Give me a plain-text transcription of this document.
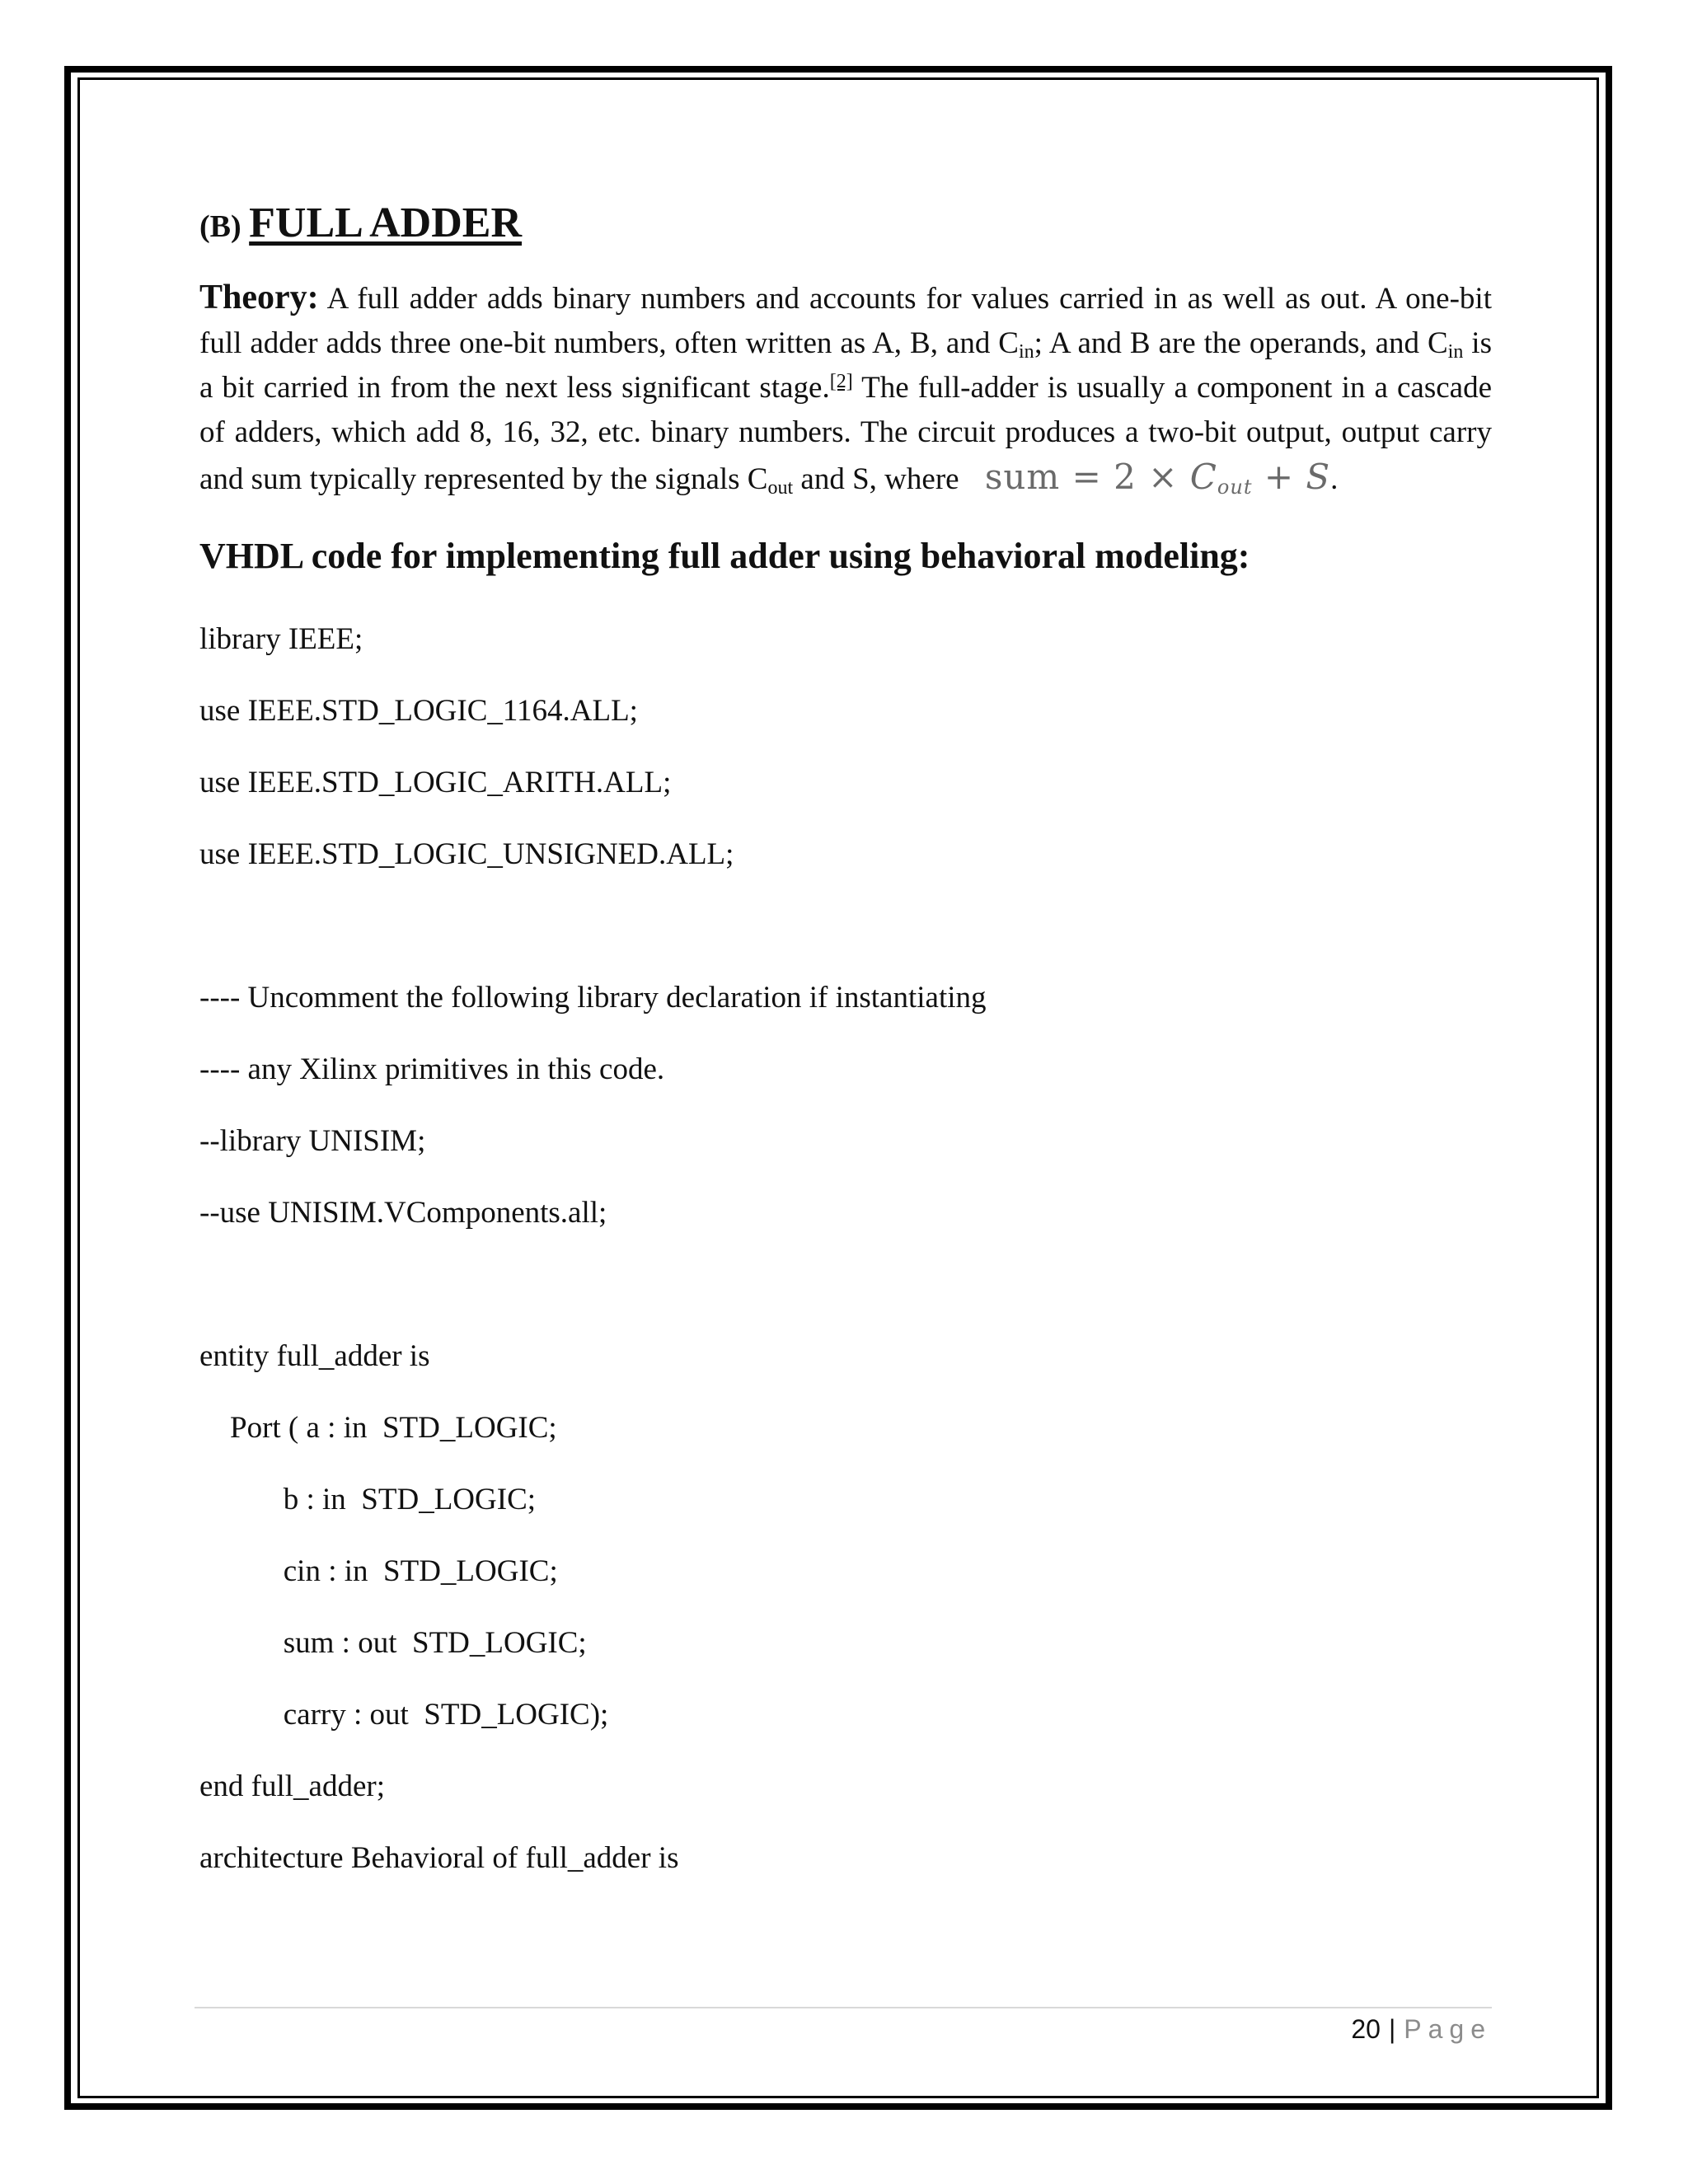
(B) FULL ADDER

Theory: A full adder adds binary numbers and accounts for values carried in as well as out. A one-bit full adder adds three one-bit numbers, often written as A, B, and $C_{in}$; A and B are the operands, and $C_{in}$ is a bit carried in from the next less significant stage.[2] The full-adder is usually a component in a cascade of adders, which add 8, 16, 32, etc. binary numbers. The circuit produces a two-bit output, output carry and sum typically represented by the signals $C_{out}$ and S, where sum = $2 \times C_{out} + S$.

VHDL code for implementing full adder using behavioral modeling:
library IEEE;
use IEEE.STD_LOGIC_1164.ALL;
use IEEE.STD_LOGIC_ARITH.ALL;
use IEEE.STD_LOGIC_UNSIGNED.ALL;
---- Uncomment the following library declaration if instantiating
---- any Xilinx primitives in this code.
--library UNISIM;
--use UNISIM.VComponents.all;
entity full_adder is
Port ( a : in  STD_LOGIC;
b : in  STD_LOGIC;
cin : in  STD_LOGIC;
sum : out  STD_LOGIC;
carry : out  STD_LOGIC);
end full_adder;
architecture Behavioral of full_adder is
20 | Page
